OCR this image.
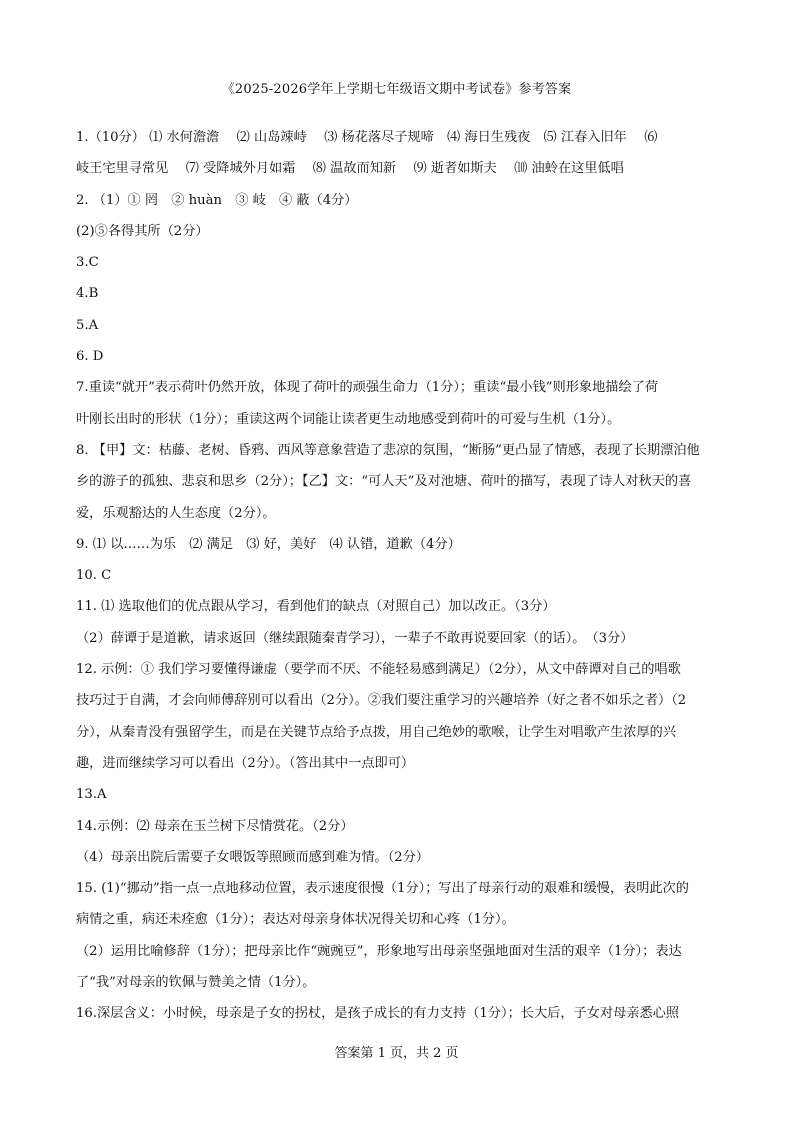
《2025-2026学年上学期七年级语文期中考试卷》参考答案
1.（10分） ⑴ 水何澹澹　 ⑵ 山岛竦峙　 ⑶ 杨花落尽子规啼　⑷ 海日生残夜　⑸ 江春入旧年　 ⑹
岐王宅里寻常见　 ⑺ 受降城外月如霜　 ⑻ 温故而知新　 ⑼ 逝者如斯夫　 ⑽ 油蛉在这里低唱
2. （1）① 罔　② huàn　③ 岐　④ 蔽（4分）
(2)⑤各得其所（2分）
3.C
4.B
5.A
6. D
7.重读“就开”表示荷叶仍然开放，体现了荷叶的顽强生命力（1分）；重读“最小钱”则形象地描绘了荷
叶刚长出时的形状（1分）；重读这两个词能让读者更生动地感受到荷叶的可爱与生机（1分）。
8. 【甲】文：枯藤、老树、昏鸦、西风等意象营造了悲凉的氛围，“断肠”更凸显了情感，表现了长期漂泊他
乡的游子的孤独、悲哀和思乡（2分）；【乙】文：“可人天”及对池塘、荷叶的描写，表现了诗人对秋天的喜
爱，乐观豁达的人生态度（2分）。
9. ⑴ 以……为乐　⑵ 满足　⑶ 好，美好　⑷ 认错，道歉（4分）
10. C
11. ⑴ 选取他们的优点跟从学习，看到他们的缺点（对照自己）加以改正。（3分）
（2）薛谭于是道歉，请求返回（继续跟随秦青学习），一辈子不敢再说要回家（的话）。　（3分）
12. 示例：① 我们学习要懂得谦虚（要学而不厌、不能轻易感到满足）（2分），从文中薛谭对自己的唱歌
技巧过于自满，才会向师傅辞别可以看出（2分）。②我们要注重学习的兴趣培养（好之者不如乐之者）（2
分），从秦青没有强留学生，而是在关键节点给予点拨，用自己绝妙的歌喉，让学生对唱歌产生浓厚的兴
趣，进而继续学习可以看出（2分）。（答出其中一点即可）
13.A
14.示例：⑵ 母亲在玉兰树下尽情赏花。（2分）
（4）母亲出院后需要子女喂饭等照顾而感到难为情。（2分）
15. (1)“挪动”指一点一点地移动位置，表示速度很慢（1分）；写出了母亲行动的艰难和缓慢，表明此次的
病情之重，病还未痊愈（1分）；表达对母亲身体状况得关切和心疼（1分）。
（2）运用比喻修辞（1分）；把母亲比作“豌豌豆”，形象地写出母亲坚强地面对生活的艰辛（1分）；表达
了“我”对母亲的钦佩与赞美之情（1分）。
16.深层含义：小时候，母亲是子女的拐杖，是孩子成长的有力支持（1分）；长大后，子女对母亲悉心照
答案第 1 页，共 2 页
